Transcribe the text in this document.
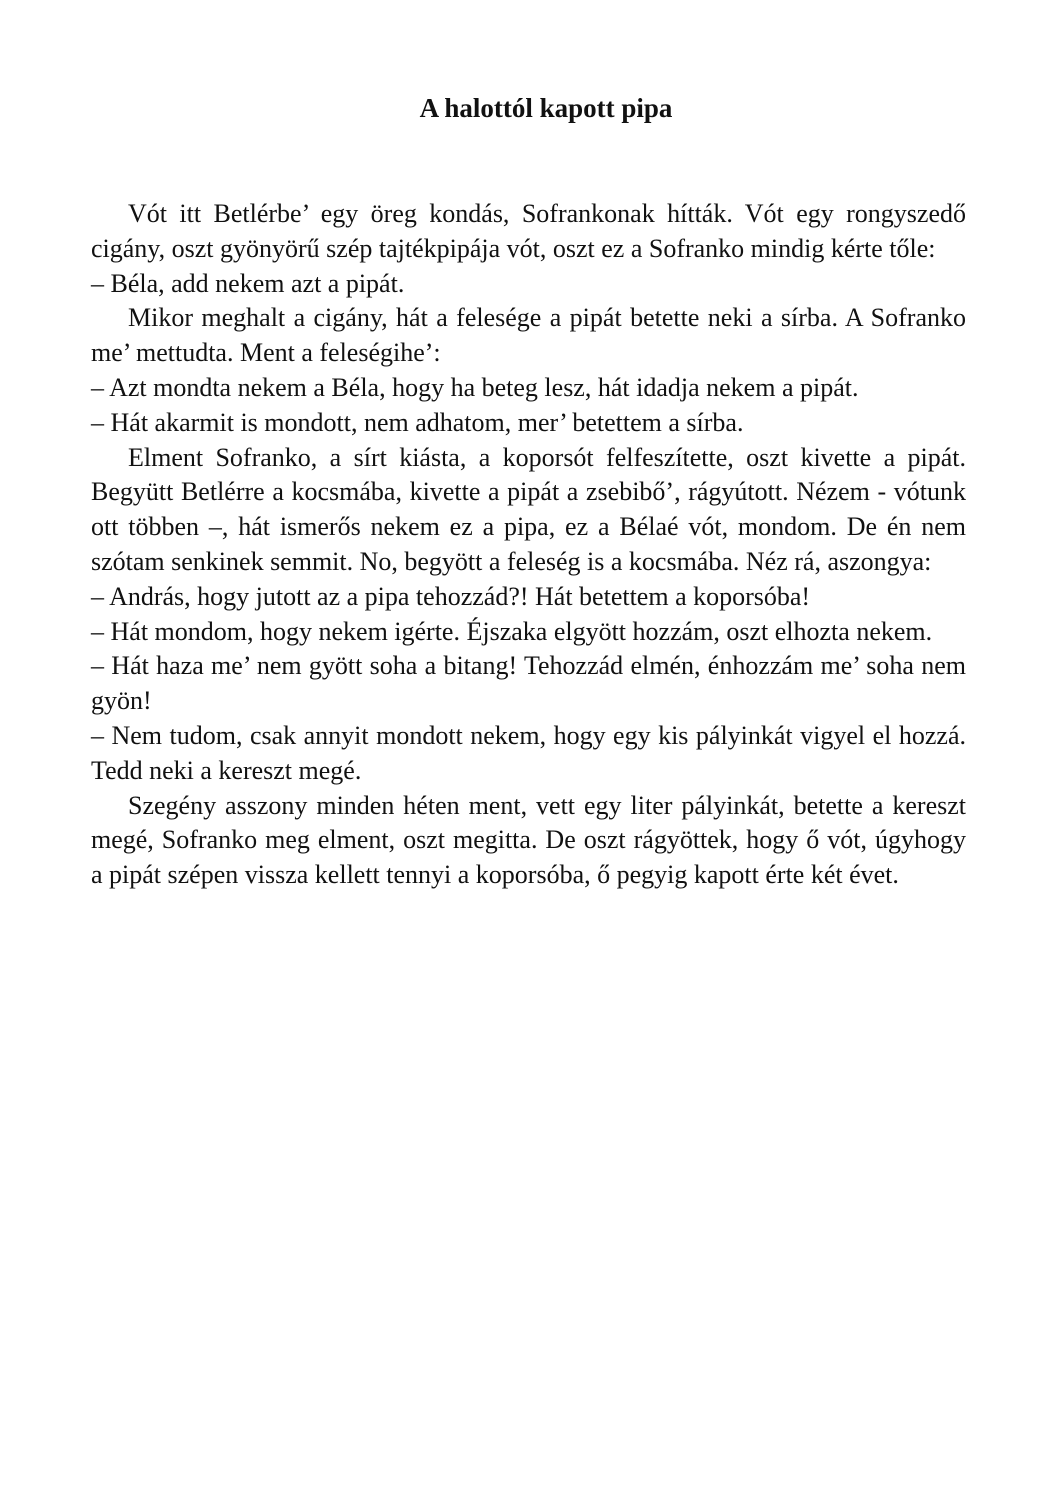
A halottól kapott pipa

Vót itt Betlérbe’ egy öreg kondás, Sofrankonak hítták. Vót egy rongyszedő cigány, oszt gyönyörű szép tajtékpipája vót, oszt ez a Sofranko mindig kérte tőle:

– Béla, add nekem azt a pipát.

Mikor meghalt a cigány, hát a felesége a pipát betette neki a sírba. A Sofranko me’ mettudta. Ment a feleségihe’:

– Azt mondta nekem a Béla, hogy ha beteg lesz, hát idadja nekem a pipát.

– Hát akarmit is mondott, nem adhatom, mer’ betettem a sírba.

Elment Sofranko, a sírt kiásta, a koporsót felfeszítette, oszt kivette a pipát. Begyütt Betlérre a kocsmába, kivette a pipát a zsebibő’, rágyútott. Nézem - vótunk ott többen –, hát ismerős nekem ez a pipa, ez a Bélaé vót, mondom. De én nem szótam senkinek semmit. No, begyött a feleség is a kocsmába. Néz rá, aszongya:

– András, hogy jutott az a pipa tehozzád?! Hát betettem a koporsóba!

– Hát mondom, hogy nekem igérte. Éjszaka elgyött hozzám, oszt elhozta nekem.

– Hát haza me’ nem gyött soha a bitang! Tehozzád elmén, énhozzám me’ soha nem gyön!

– Nem tudom, csak annyit mondott nekem, hogy egy kis pályinkát vigyel el hozzá. Tedd neki a kereszt megé.

Szegény asszony minden héten ment, vett egy liter pályinkát, betette a kereszt megé, Sofranko meg elment, oszt megitta. De oszt rágyöttek, hogy ő vót, úgyhogy a pipát szépen vissza kellett tennyi a koporsóba, ő pegyig kapott érte két évet.
